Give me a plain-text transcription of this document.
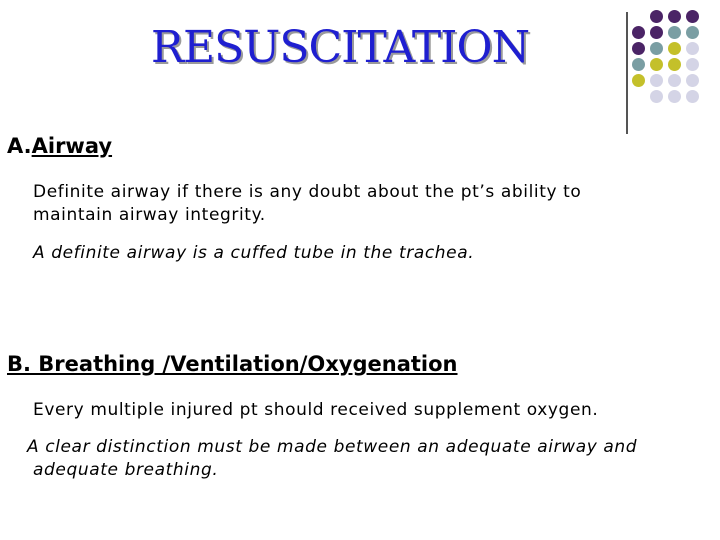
RESUSCITATION
A.Airway
Definite airway if there is any doubt about the pt’s ability to
maintain airway integrity.
A definite airway is a cuffed tube in the trachea.
B. Breathing /Ventilation/Oxygenation
Every multiple injured pt should received supplement oxygen.
A clear distinction must be made between an adequate airway and
adequate breathing.
